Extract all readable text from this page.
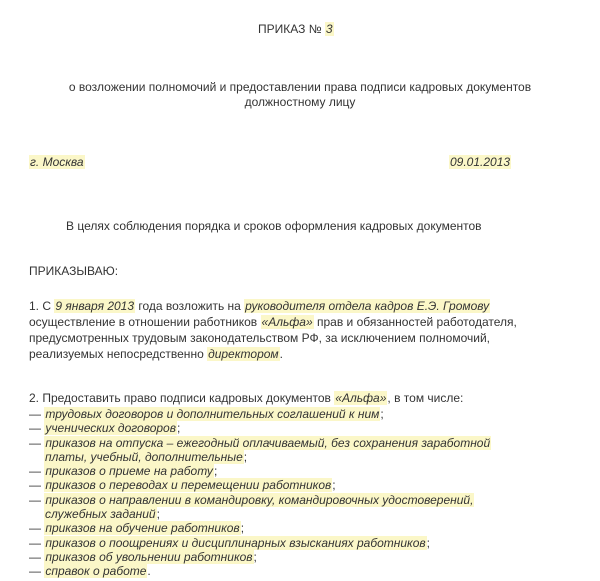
ПРИКАЗ № 3
о возложении полномочий и предоставлении права подписи кадровых документов
должностному лицу
г. Москва	09.01.2013
В целях соблюдения порядка и сроков оформления кадровых документов
ПРИКАЗЫВАЮ:
1. С 9 января 2013 года возложить на руководителя отдела кадров Е.Э. Громову
осуществление в отношении работников «Альфа» прав и обязанностей работодателя,
предусмотренных трудовым законодательством РФ, за исключением полномочий,
реализуемых непосредственно директором.
2. Предоставить право подписи кадровых документов «Альфа», в том числе:
— трудовых договоров и дополнительных соглашений к ним;
— ученических договоров;
— приказов на отпуска – ежегодный оплачиваемый, без сохранения заработной
платы, учебный, дополнительные;
— приказов о приеме на работу;
— приказов о переводах и перемещении работников;
— приказов о направлении в командировку, командировочных удостоверений,
служебных заданий;
— приказов на обучение работников;
— приказов о поощрениях и дисциплинарных взысканиях работников;
— приказов об увольнении работников;
— справок о работе.
